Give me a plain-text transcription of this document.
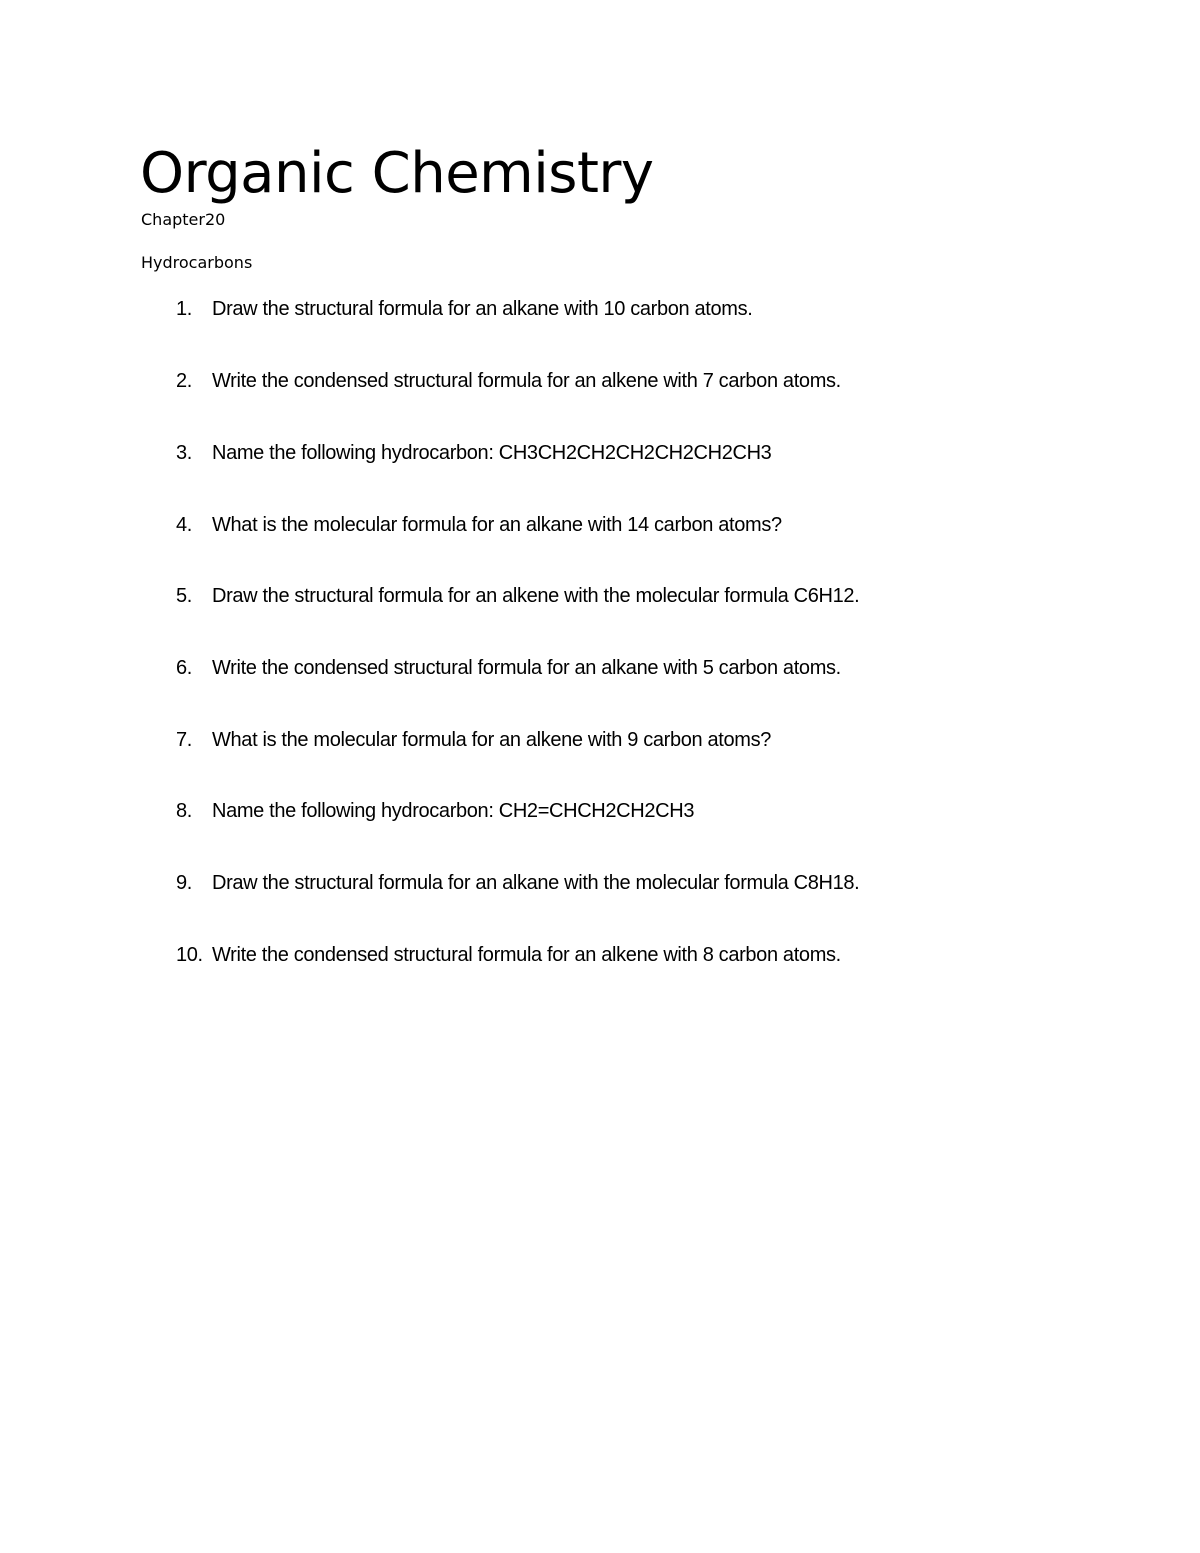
Organic Chemistry

Chapter20

Hydrocarbons

1. Draw the structural formula for an alkane with 10 carbon atoms.
2. Write the condensed structural formula for an alkene with 7 carbon atoms.
3. Name the following hydrocarbon: CH3CH2CH2CH2CH2CH2CH3
4. What is the molecular formula for an alkane with 14 carbon atoms?
5. Draw the structural formula for an alkene with the molecular formula C6H12.
6. Write the condensed structural formula for an alkane with 5 carbon atoms.
7. What is the molecular formula for an alkene with 9 carbon atoms?
8. Name the following hydrocarbon: CH2=CHCH2CH2CH3
9. Draw the structural formula for an alkane with the molecular formula C8H18.
10. Write the condensed structural formula for an alkene with 8 carbon atoms.
